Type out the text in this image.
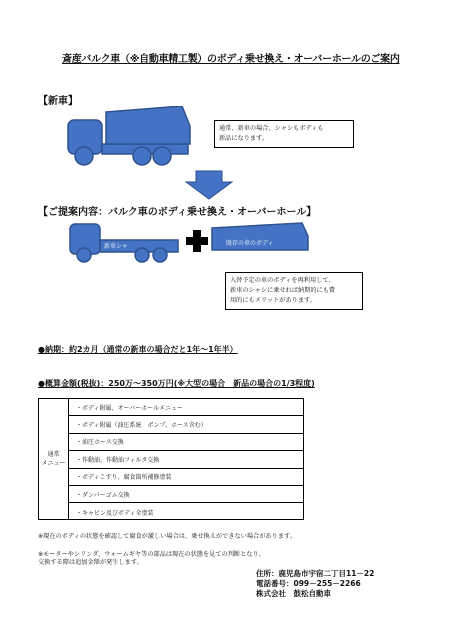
斎産バルク車（※自動車精工製）のボディ乗せ換え・オーバーホールのご案内
【新車】
通常、新車の場合、シャシもボディも
新品になります。
【ご提案内容：バルク車のボディ乗せ換え・オーバーホール】
新車シャ	既存の車のボディ
入替予定の車のボディを再利用して、
新車のシャシに乗せれば納期的にも費
用的にもメリットがあります。
●納期：約2カ月（通常の新車の場合だと1年〜1年半）
●概算金額(税抜)：250万〜350万円(※大型の場合　新品の場合の1/3程度)
通常
メニュー
・ボディ附属、オーバーホールメニュー
・ボディ附属（油圧系統　ポンプ、ホース含む）
・油圧ホース交換
・作動油、作動油フィルタ交換
・ボディこすり、腐食箇所補修塗装
・ダンパーゴム交換
・キャビン及びボディ全塗装
※現在のボディの状態を確認して腐食が激しい場合は、乗せ換えができない場合があります。
※モーターやシリンダ、ウォームギヤ等の部品は現在の状態を見ての判断となり、
交換する際は追加金額が発生します。
住所：鹿児島市宇宿二丁目11－22
電話番号：099－255－2266
株式会社　鼓松自動車
